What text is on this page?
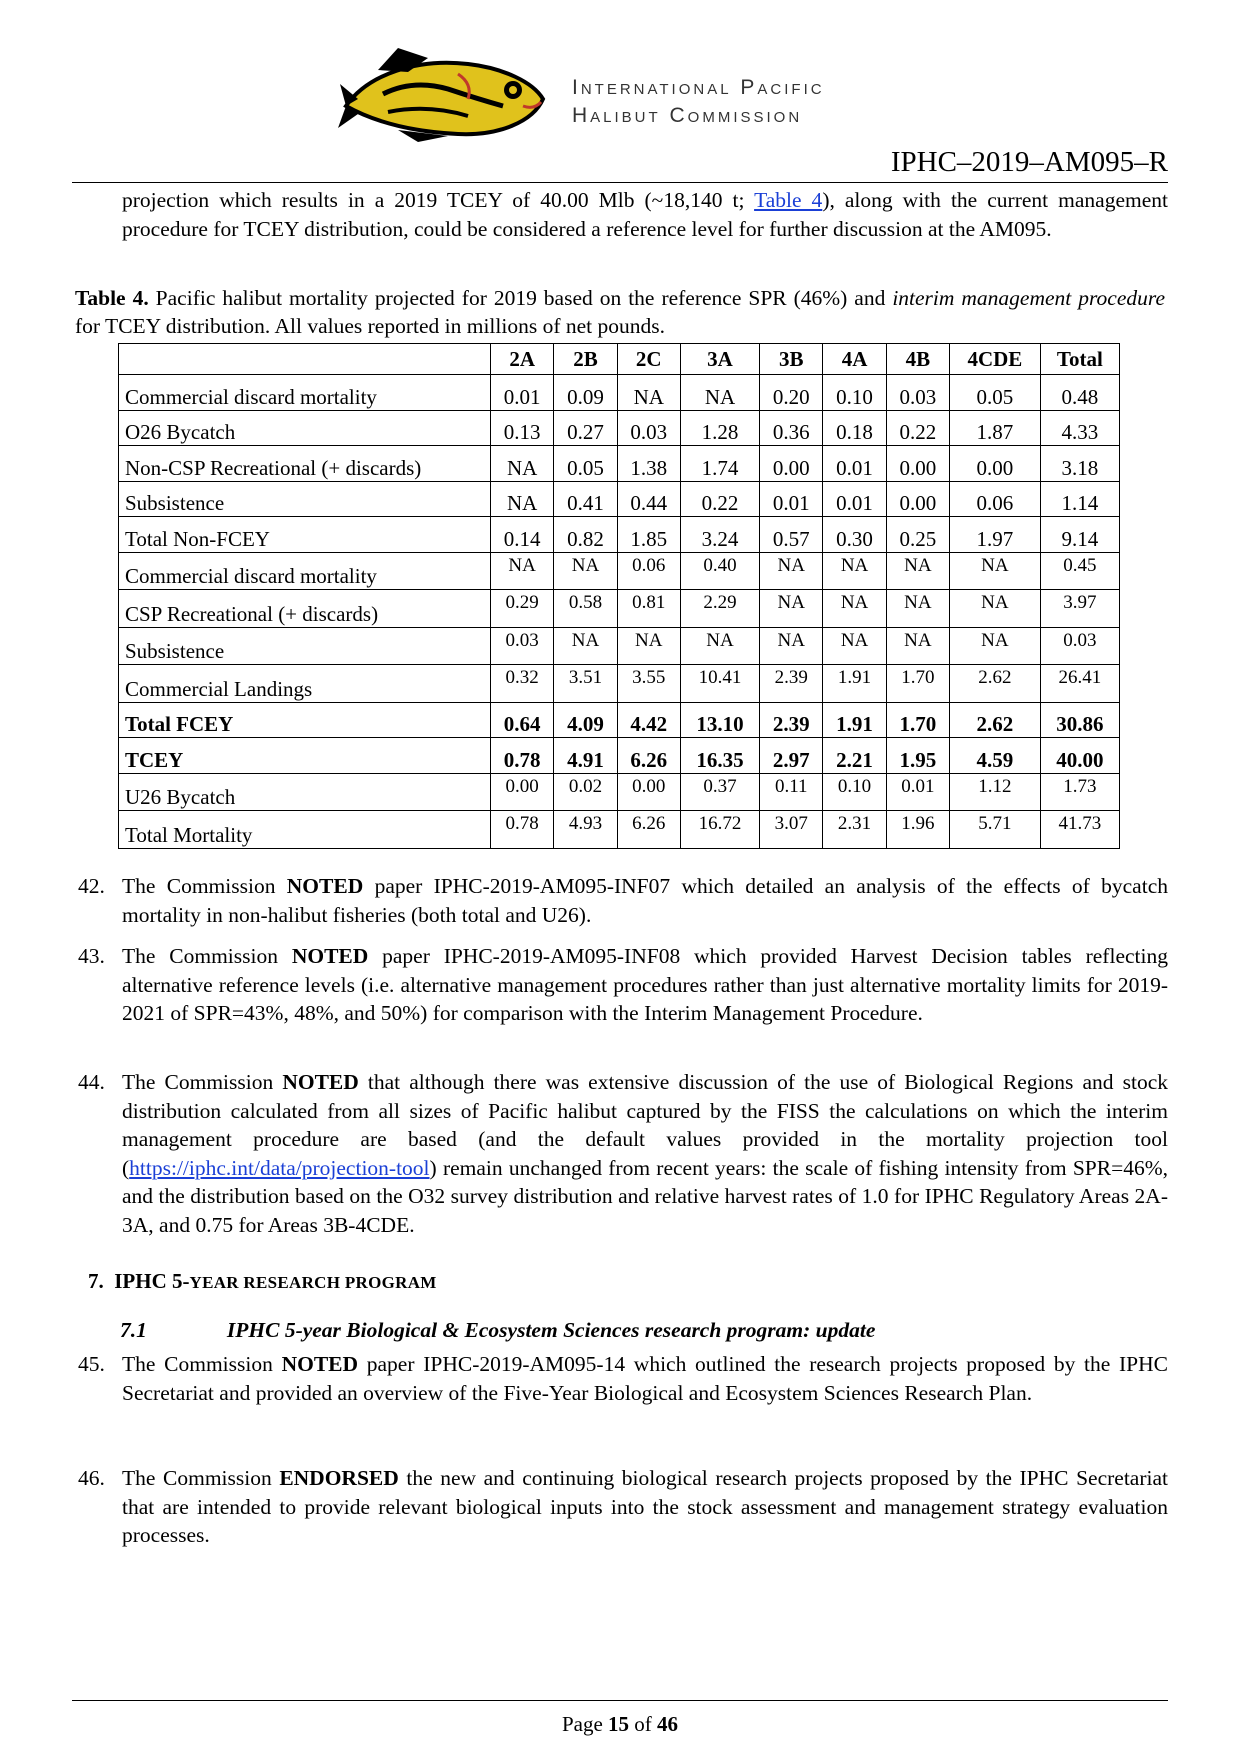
International Pacific
Halibut Commission
IPHC–2019–AM095–R
projection which results in a 2019 TCEY of 40.00 Mlb (~18,140 t; Table 4), along with the current management procedure for TCEY distribution, could be considered a reference level for further discussion at the AM095.
Table 4. Pacific halibut mortality projected for 2019 based on the reference SPR (46%) and interim management procedure for TCEY distribution. All values reported in millions of net pounds.
	2A	2B	2C	3A	3B	4A	4B	4CDE	Total
Commercial discard mortality	0.01	0.09	NA	NA	0.20	0.10	0.03	0.05	0.48
O26 Bycatch	0.13	0.27	0.03	1.28	0.36	0.18	0.22	1.87	4.33
Non-CSP Recreational (+ discards)	NA	0.05	1.38	1.74	0.00	0.01	0.00	0.00	3.18
Subsistence	NA	0.41	0.44	0.22	0.01	0.01	0.00	0.06	1.14
Total Non-FCEY	0.14	0.82	1.85	3.24	0.57	0.30	0.25	1.97	9.14
Commercial discard mortality	NA	NA	0.06	0.40	NA	NA	NA	NA	0.45
CSP Recreational (+ discards)	0.29	0.58	0.81	2.29	NA	NA	NA	NA	3.97
Subsistence	0.03	NA	NA	NA	NA	NA	NA	NA	0.03
Commercial Landings	0.32	3.51	3.55	10.41	2.39	1.91	1.70	2.62	26.41
Total FCEY	0.64	4.09	4.42	13.10	2.39	1.91	1.70	2.62	30.86
TCEY	0.78	4.91	6.26	16.35	2.97	2.21	1.95	4.59	40.00
U26 Bycatch	0.00	0.02	0.00	0.37	0.11	0.10	0.01	1.12	1.73
Total Mortality	0.78	4.93	6.26	16.72	3.07	2.31	1.96	5.71	41.73
42. The Commission NOTED paper IPHC-2019-AM095-INF07 which detailed an analysis of the effects of bycatch mortality in non-halibut fisheries (both total and U26).
43. The Commission NOTED paper IPHC-2019-AM095-INF08 which provided Harvest Decision tables reflecting alternative reference levels (i.e. alternative management procedures rather than just alternative mortality limits for 2019-2021 of SPR=43%, 48%, and 50%) for comparison with the Interim Management Procedure.
44. The Commission NOTED that although there was extensive discussion of the use of Biological Regions and stock distribution calculated from all sizes of Pacific halibut captured by the FISS the calculations on which the interim management procedure are based (and the default values provided in the mortality projection tool (https://iphc.int/data/projection-tool) remain unchanged from recent years: the scale of fishing intensity from SPR=46%, and the distribution based on the O32 survey distribution and relative harvest rates of 1.0 for IPHC Regulatory Areas 2A-3A, and 0.75 for Areas 3B-4CDE.
7. IPHC 5-YEAR RESEARCH PROGRAM
7.1	IPHC 5-year Biological & Ecosystem Sciences research program: update
45. The Commission NOTED paper IPHC-2019-AM095-14 which outlined the research projects proposed by the IPHC Secretariat and provided an overview of the Five-Year Biological and Ecosystem Sciences Research Plan.
46. The Commission ENDORSED the new and continuing biological research projects proposed by the IPHC Secretariat that are intended to provide relevant biological inputs into the stock assessment and management strategy evaluation processes.
Page 15 of 46
